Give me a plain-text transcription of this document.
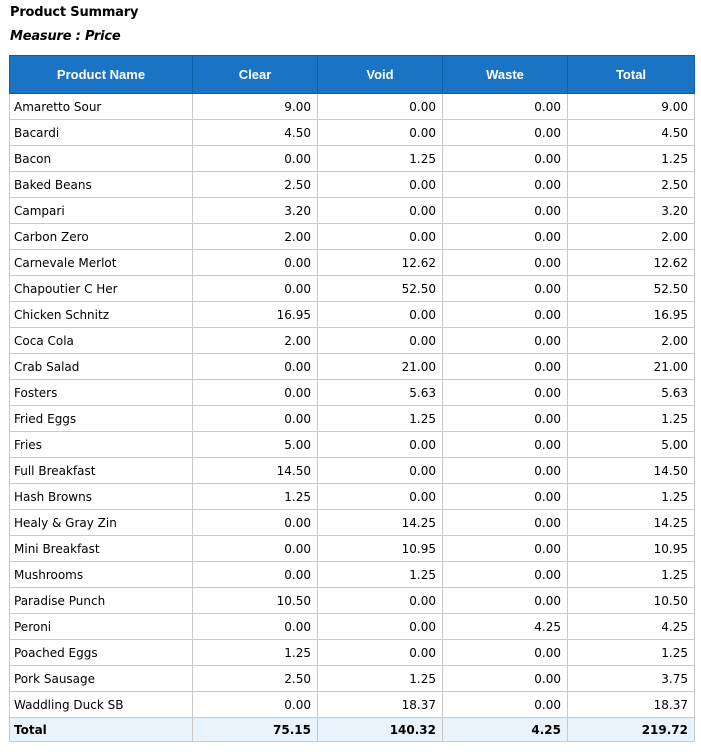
Product Summary
Measure : Price
Product Name	Clear	Void	Waste	Total
Amaretto Sour	9.00	0.00	0.00	9.00
Bacardi	4.50	0.00	0.00	4.50
Bacon	0.00	1.25	0.00	1.25
Baked Beans	2.50	0.00	0.00	2.50
Campari	3.20	0.00	0.00	3.20
Carbon Zero	2.00	0.00	0.00	2.00
Carnevale Merlot	0.00	12.62	0.00	12.62
Chapoutier C Her	0.00	52.50	0.00	52.50
Chicken Schnitz	16.95	0.00	0.00	16.95
Coca Cola	2.00	0.00	0.00	2.00
Crab Salad	0.00	21.00	0.00	21.00
Fosters	0.00	5.63	0.00	5.63
Fried Eggs	0.00	1.25	0.00	1.25
Fries	5.00	0.00	0.00	5.00
Full Breakfast	14.50	0.00	0.00	14.50
Hash Browns	1.25	0.00	0.00	1.25
Healy & Gray Zin	0.00	14.25	0.00	14.25
Mini Breakfast	0.00	10.95	0.00	10.95
Mushrooms	0.00	1.25	0.00	1.25
Paradise Punch	10.50	0.00	0.00	10.50
Peroni	0.00	0.00	4.25	4.25
Poached Eggs	1.25	0.00	0.00	1.25
Pork Sausage	2.50	1.25	0.00	3.75
Waddling Duck SB	0.00	18.37	0.00	18.37
Total	75.15	140.32	4.25	219.72
